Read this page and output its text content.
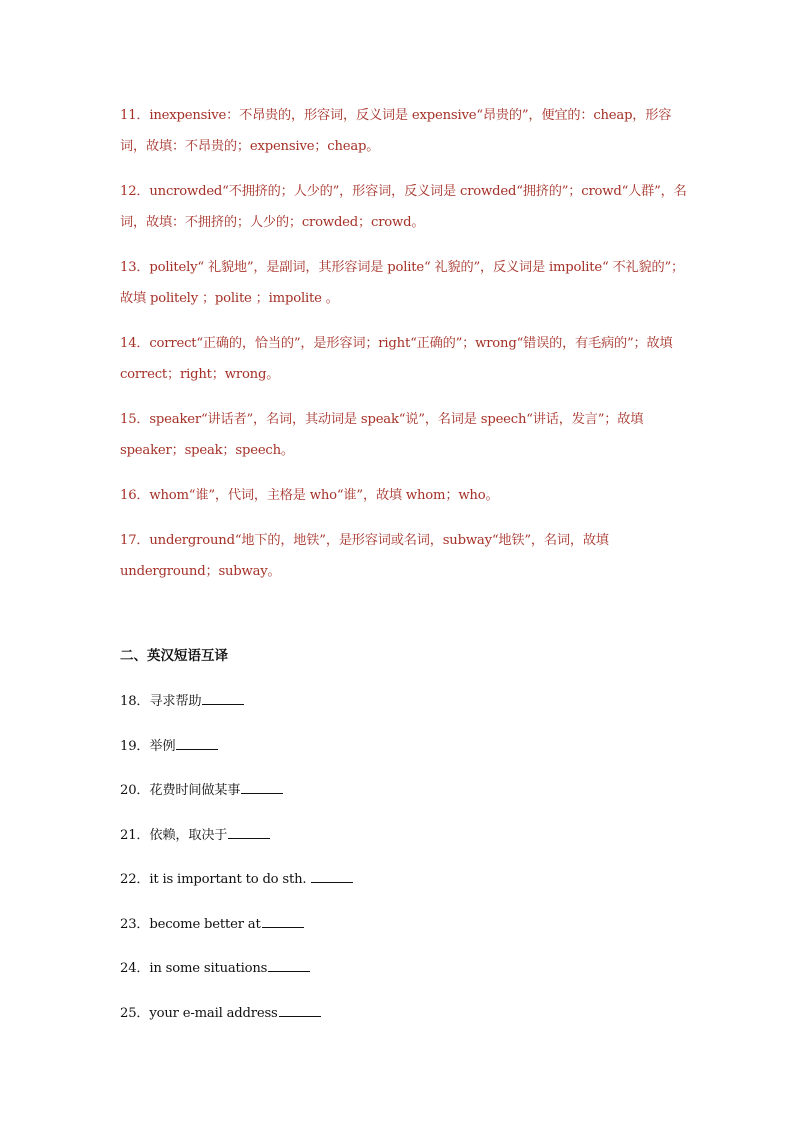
11．inexpensive：不昂贵的，形容词，反义词是 expensive“昂贵的”，便宜的：cheap，形容词，故填：不昂贵的；expensive；cheap。

12．uncrowded“不拥挤的；人少的”，形容词，反义词是 crowded“拥挤的”；crowd“人群”，名词，故填：不拥挤的；人少的；crowded；crowd。

13．politely“ 礼貌地”，是副词，其形容词是 polite“ 礼貌的”，反义词是 impolite“ 不礼貌的”；故填 politely ；polite ；impolite 。

14．correct“正确的，恰当的”，是形容词；right“正确的”；wrong“错误的，有毛病的”；故填 correct；right；wrong。

15．speaker“讲话者”，名词，其动词是 speak“说”，名词是 speech“讲话，发言”；故填 speaker；speak；speech。

16．whom“谁”，代词，主格是 who“谁”，故填 whom；who。

17．underground“地下的，地铁”，是形容词或名词，subway“地铁”，名词，故填 underground；subway。

二、英汉短语互译
18．寻求帮助
19．举例
20．花费时间做某事
21．依赖，取决于
22．it is important to do sth.
23．become better at
24．in some situations
25．your e-mail address
